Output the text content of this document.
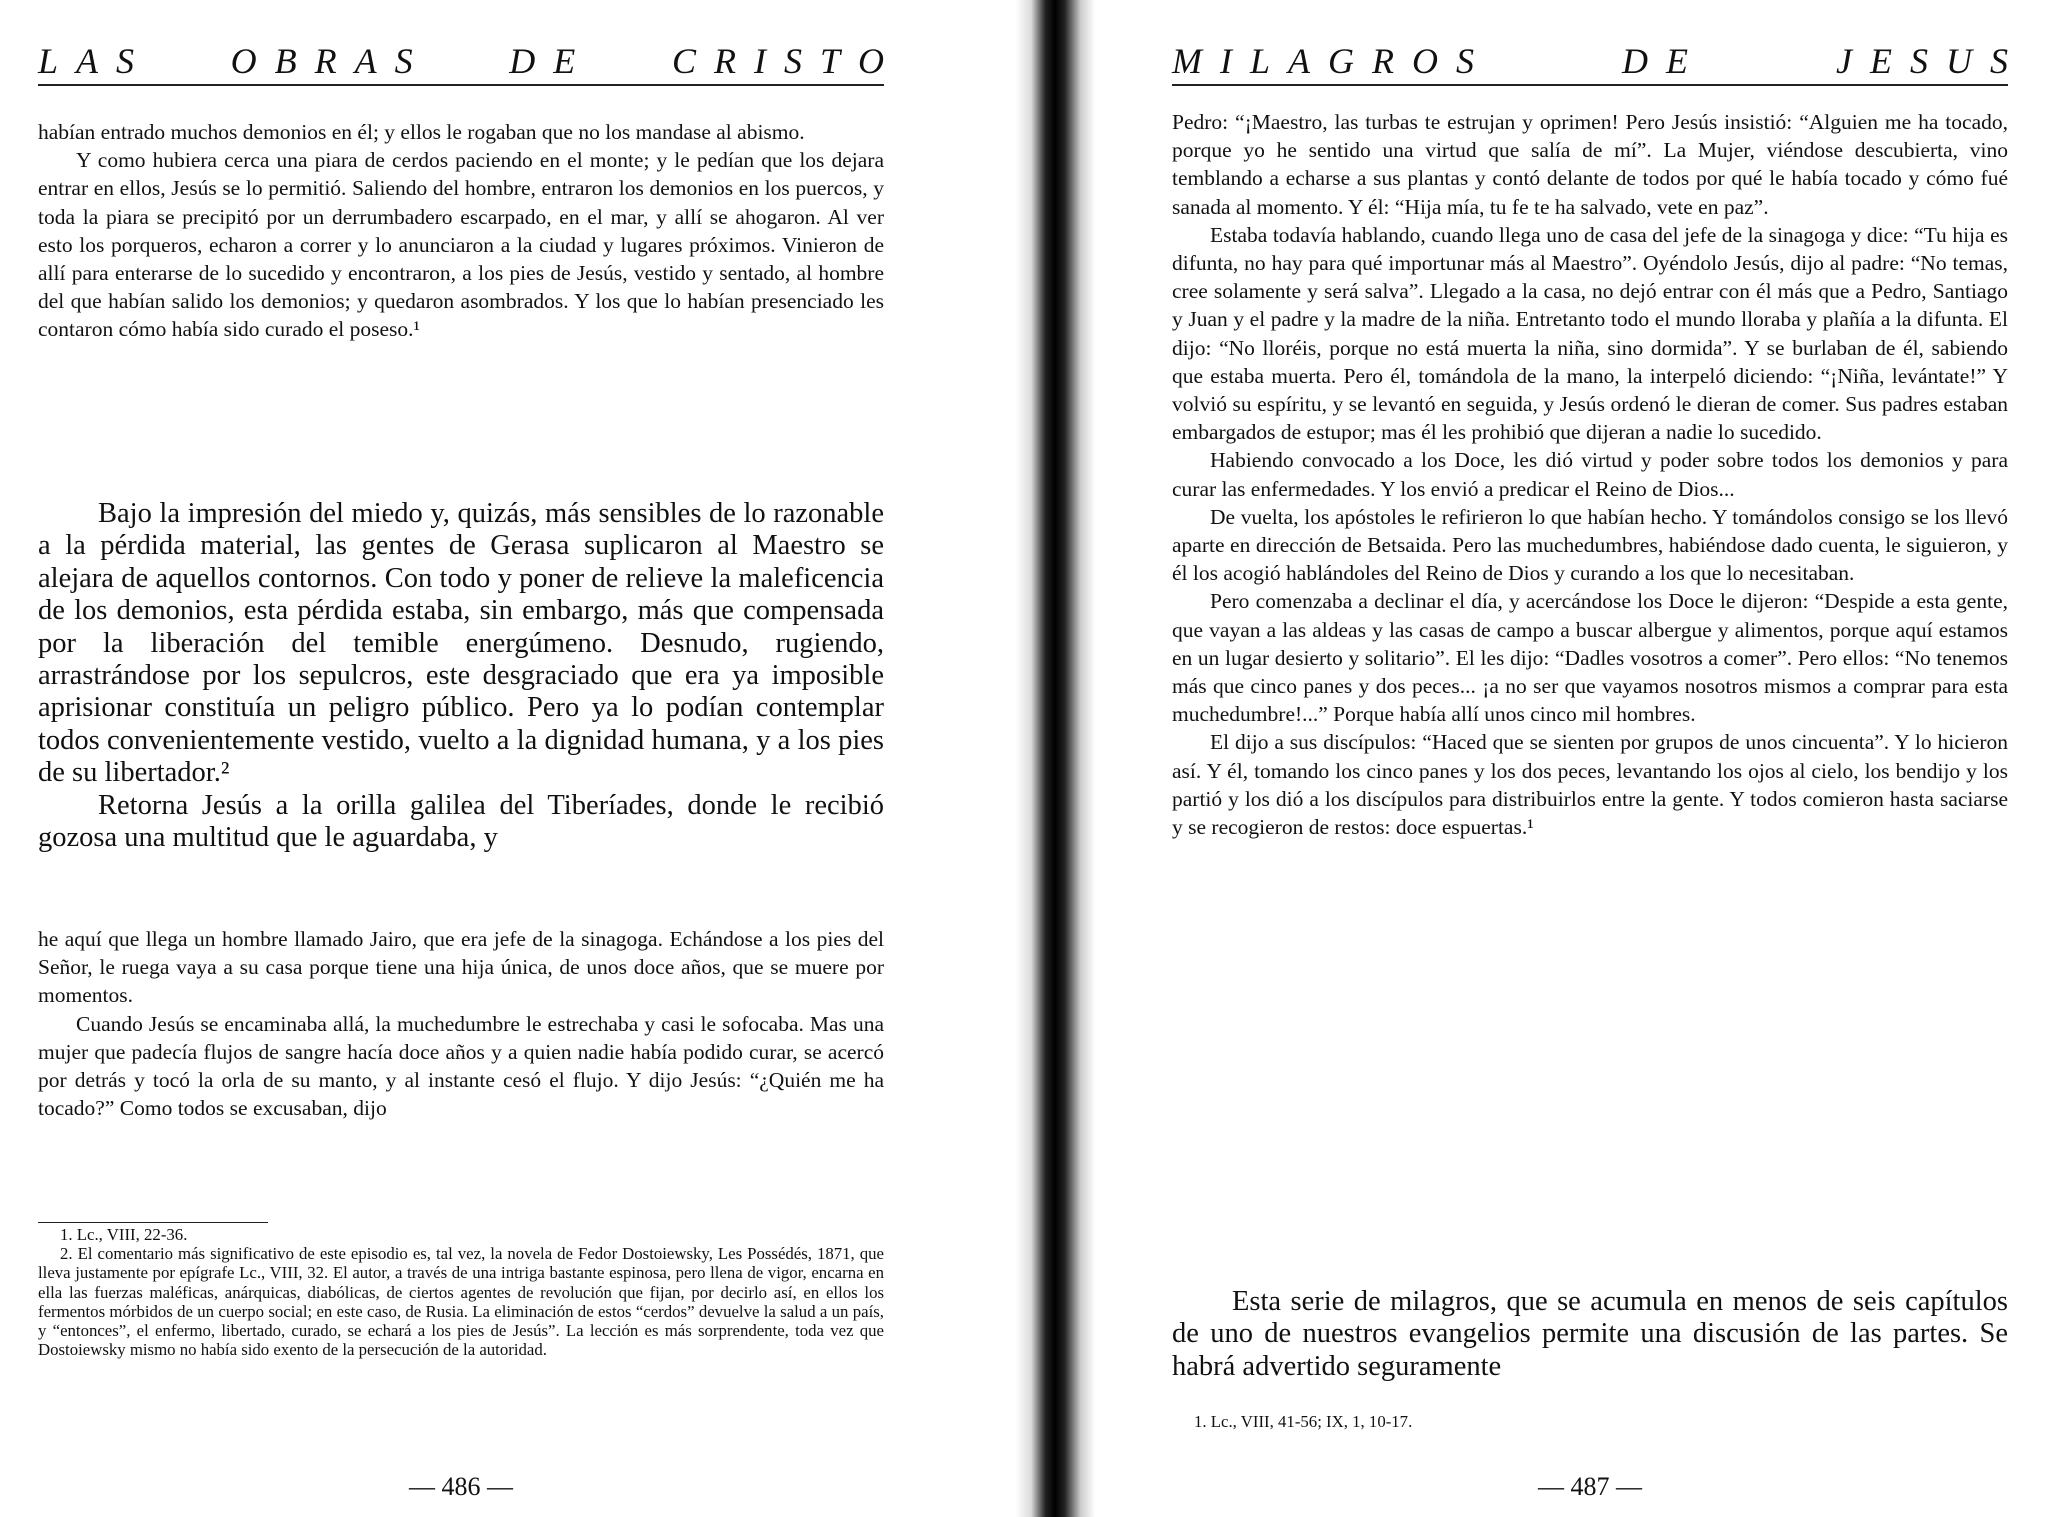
L A S	O B R A S	D E	C R I S T O

habían entrado muchos demonios en él; y ellos le rogaban que no los mandase al abismo.

Y como hubiera cerca una piara de cerdos paciendo en el monte; y le pedían que los dejara entrar en ellos, Jesús se lo permitió. Saliendo del hombre, entraron los demonios en los puercos, y toda la piara se precipitó por un derrumbadero escarpado, en el mar, y allí se ahogaron. Al ver esto los porqueros, echaron a correr y lo anunciaron a la ciudad y lugares próximos. Vinieron de allí para enterarse de lo sucedido y encontraron, a los pies de Jesús, vestido y sentado, al hombre del que habían salido los demonios; y quedaron asombrados. Y los que lo habían presenciado les contaron cómo había sido curado el poseso.¹

Bajo la impresión del miedo y, quizás, más sensibles de lo razonable a la pérdida material, las gentes de Gerasa suplicaron al Maestro se alejara de aquellos contornos. Con todo y poner de relieve la maleficencia de los demonios, esta pérdida estaba, sin embargo, más que compensada por la liberación del temible energúmeno. Desnudo, rugiendo, arrastrándose por los sepulcros, este desgraciado que era ya imposible aprisionar constituía un peligro público. Pero ya lo podían contemplar todos convenientemente vestido, vuelto a la dignidad humana, y a los pies de su libertador.²

Retorna Jesús a la orilla galilea del Tiberíades, donde le recibió gozosa una multitud que le aguardaba, y

he aquí que llega un hombre llamado Jairo, que era jefe de la sinagoga. Echándose a los pies del Señor, le ruega vaya a su casa porque tiene una hija única, de unos doce años, que se muere por momentos.

Cuando Jesús se encaminaba allá, la muchedumbre le estrechaba y casi le sofocaba. Mas una mujer que padecía flujos de sangre hacía doce años y a quien nadie había podido curar, se acercó por detrás y tocó la orla de su manto, y al instante cesó el flujo. Y dijo Jesús: “¿Quién me ha tocado?” Como todos se excusaban, dijo

1. Lc., VIII, 22-36.

2. El comentario más significativo de este episodio es, tal vez, la novela de Fedor Dostoiewsky, Les Possédés, 1871, que lleva justamente por epígrafe Lc., VIII, 32. El autor, a través de una intriga bastante espinosa, pero llena de vigor, encarna en ella las fuerzas maléficas, anárquicas, diabólicas, de ciertos agentes de revolución que fijan, por decirlo así, en ellos los fermentos mórbidos de un cuerpo social; en este caso, de Rusia. La eliminación de estos “cerdos” devuelve la salud a un país, y “entonces”, el enfermo, libertado, curado, se echará a los pies de Jesús”. La lección es más sorprendente, toda vez que Dostoiewsky mismo no había sido exento de la persecución de la autoridad.

— 486 —
M I L A G R O S	D E	J E S U S

Pedro: “¡Maestro, las turbas te estrujan y oprimen! Pero Jesús insistió: “Alguien me ha tocado, porque yo he sentido una virtud que salía de mí”. La Mujer, viéndose descubierta, vino temblando a echarse a sus plantas y contó delante de todos por qué le había tocado y cómo fué sanada al momento. Y él: “Hija mía, tu fe te ha salvado, vete en paz”.

Estaba todavía hablando, cuando llega uno de casa del jefe de la sinagoga y dice: “Tu hija es difunta, no hay para qué importunar más al Maestro”. Oyéndolo Jesús, dijo al padre: “No temas, cree solamente y será salva”. Llegado a la casa, no dejó entrar con él más que a Pedro, Santiago y Juan y el padre y la madre de la niña. Entretanto todo el mundo lloraba y plañía a la difunta. El dijo: “No lloréis, porque no está muerta la niña, sino dormida”. Y se burlaban de él, sabiendo que estaba muerta. Pero él, tomándola de la mano, la interpeló diciendo: “¡Niña, levántate!” Y volvió su espíritu, y se levantó en seguida, y Jesús ordenó le dieran de comer. Sus padres estaban embargados de estupor; mas él les prohibió que dijeran a nadie lo sucedido.

Habiendo convocado a los Doce, les dió virtud y poder sobre todos los demonios y para curar las enfermedades. Y los envió a predicar el Reino de Dios...

De vuelta, los apóstoles le refirieron lo que habían hecho. Y tomándolos consigo se los llevó aparte en dirección de Betsaida. Pero las muchedumbres, habiéndose dado cuenta, le siguieron, y él los acogió hablándoles del Reino de Dios y curando a los que lo necesitaban.

Pero comenzaba a declinar el día, y acercándose los Doce le dijeron: “Despide a esta gente, que vayan a las aldeas y las casas de campo a buscar albergue y alimentos, porque aquí estamos en un lugar desierto y solitario”. El les dijo: “Dadles vosotros a comer”. Pero ellos: “No tenemos más que cinco panes y dos peces... ¡a no ser que vayamos nosotros mismos a comprar para esta muchedumbre!...” Porque había allí unos cinco mil hombres.

El dijo a sus discípulos: “Haced que se sienten por grupos de unos cincuenta”. Y lo hicieron así. Y él, tomando los cinco panes y los dos peces, levantando los ojos al cielo, los bendijo y los partió y los dió a los discípulos para distribuirlos entre la gente. Y todos comieron hasta saciarse y se recogieron de restos: doce espuertas.¹

Esta serie de milagros, que se acumula en menos de seis capítulos de uno de nuestros evangelios permite una discusión de las partes. Se habrá advertido seguramente

1. Lc., VIII, 41-56; IX, 1, 10-17.

— 487 —
